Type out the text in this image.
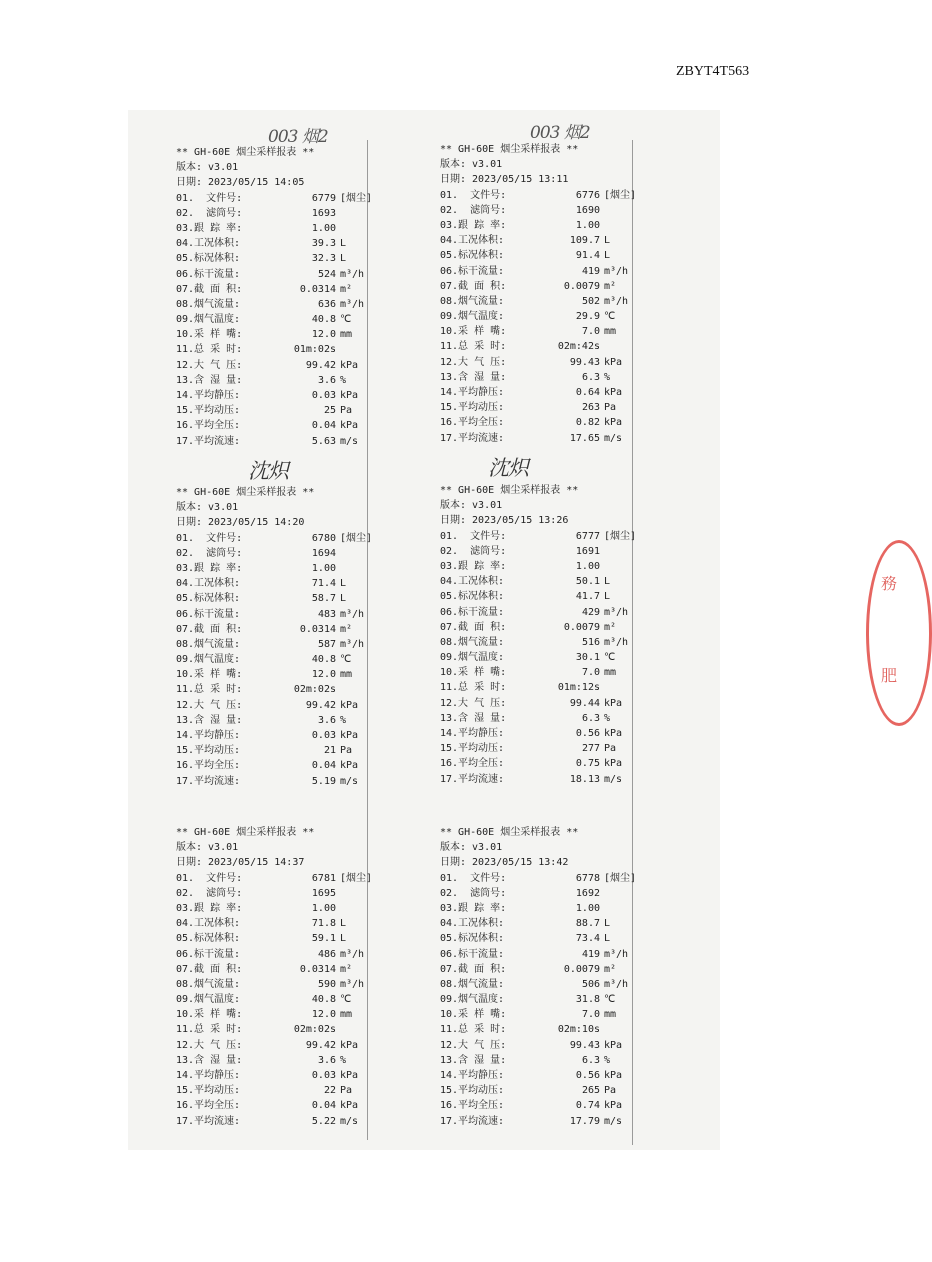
ZBYT4T563
務
肥
003 烟2
** GH-60E 烟尘采样报表 **
版本: v3.01
日期: 2023/05/15 14:05
01.  文件号:	6779 [烟尘]
02.  滤筒号:	1693
03.跟 踪 率:	1.00
04.工况体积:	39.3 L
05.标况体积:	32.3 L
06.标干流量:	524 m³/h
07.截 面 积:	0.0314 m²
08.烟气流量:	636 m³/h
09.烟气温度:	40.8 ℃
10.采 样 嘴:	12.0 mm
11.总 采 时:	01m:02s
12.大 气 压:	99.42 kPa
13.含 湿 量:	3.6 %
14.平均静压:	0.03 kPa
15.平均动压:	25 Pa
16.平均全压:	0.04 kPa
17.平均流速:	5.63 m/s
003 烟2
** GH-60E 烟尘采样报表 **
版本: v3.01
日期: 2023/05/15 13:11
01.  文件号:	6776 [烟尘]
02.  滤筒号:	1690
03.跟 踪 率:	1.00
04.工况体积:	109.7 L
05.标况体积:	91.4 L
06.标干流量:	419 m³/h
07.截 面 积:	0.0079 m²
08.烟气流量:	502 m³/h
09.烟气温度:	29.9 ℃
10.采 样 嘴:	7.0 mm
11.总 采 时:	02m:42s
12.大 气 压:	99.43 kPa
13.含 湿 量:	6.3 %
14.平均静压:	0.64 kPa
15.平均动压:	263 Pa
16.平均全压:	0.82 kPa
17.平均流速:	17.65 m/s
沈炽
** GH-60E 烟尘采样报表 **
版本: v3.01
日期: 2023/05/15 14:20
01.  文件号:	6780 [烟尘]
02.  滤筒号:	1694
03.跟 踪 率:	1.00
04.工况体积:	71.4 L
05.标况体积:	58.7 L
06.标干流量:	483 m³/h
07.截 面 积:	0.0314 m²
08.烟气流量:	587 m³/h
09.烟气温度:	40.8 ℃
10.采 样 嘴:	12.0 mm
11.总 采 时:	02m:02s
12.大 气 压:	99.42 kPa
13.含 湿 量:	3.6 %
14.平均静压:	0.03 kPa
15.平均动压:	21 Pa
16.平均全压:	0.04 kPa
17.平均流速:	5.19 m/s
沈炽
** GH-60E 烟尘采样报表 **
版本: v3.01
日期: 2023/05/15 13:26
01.  文件号:	6777 [烟尘]
02.  滤筒号:	1691
03.跟 踪 率:	1.00
04.工况体积:	50.1 L
05.标况体积:	41.7 L
06.标干流量:	429 m³/h
07.截 面 积:	0.0079 m²
08.烟气流量:	516 m³/h
09.烟气温度:	30.1 ℃
10.采 样 嘴:	7.0 mm
11.总 采 时:	01m:12s
12.大 气 压:	99.44 kPa
13.含 湿 量:	6.3 %
14.平均静压:	0.56 kPa
15.平均动压:	277 Pa
16.平均全压:	0.75 kPa
17.平均流速:	18.13 m/s
** GH-60E 烟尘采样报表 **
版本: v3.01
日期: 2023/05/15 14:37
01.  文件号:	6781 [烟尘]
02.  滤筒号:	1695
03.跟 踪 率:	1.00
04.工况体积:	71.8 L
05.标况体积:	59.1 L
06.标干流量:	486 m³/h
07.截 面 积:	0.0314 m²
08.烟气流量:	590 m³/h
09.烟气温度:	40.8 ℃
10.采 样 嘴:	12.0 mm
11.总 采 时:	02m:02s
12.大 气 压:	99.42 kPa
13.含 湿 量:	3.6 %
14.平均静压:	0.03 kPa
15.平均动压:	22 Pa
16.平均全压:	0.04 kPa
17.平均流速:	5.22 m/s
** GH-60E 烟尘采样报表 **
版本: v3.01
日期: 2023/05/15 13:42
01.  文件号:	6778 [烟尘]
02.  滤筒号:	1692
03.跟 踪 率:	1.00
04.工况体积:	88.7 L
05.标况体积:	73.4 L
06.标干流量:	419 m³/h
07.截 面 积:	0.0079 m²
08.烟气流量:	506 m³/h
09.烟气温度:	31.8 ℃
10.采 样 嘴:	7.0 mm
11.总 采 时:	02m:10s
12.大 气 压:	99.43 kPa
13.含 湿 量:	6.3 %
14.平均静压:	0.56 kPa
15.平均动压:	265 Pa
16.平均全压:	0.74 kPa
17.平均流速:	17.79 m/s
